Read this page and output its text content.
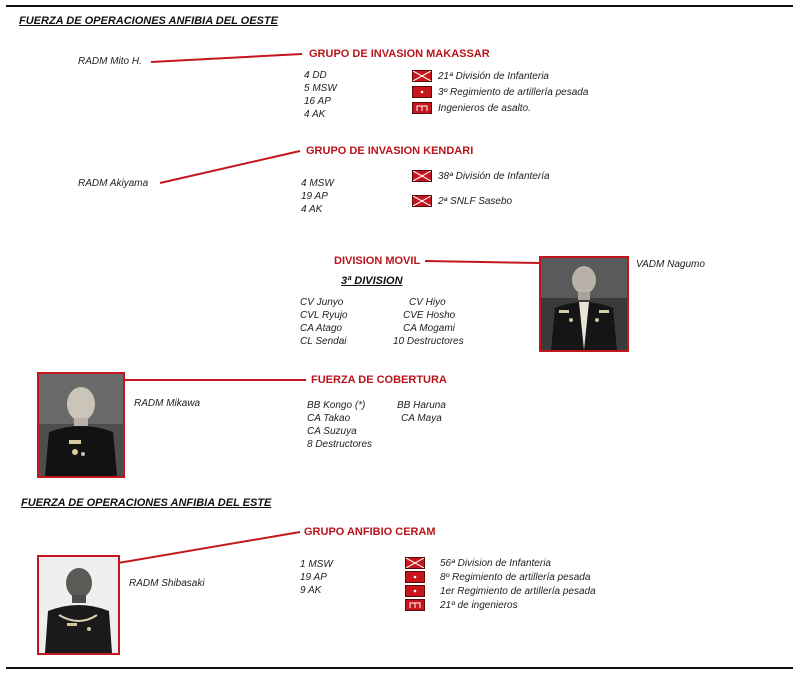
FUERZA DE OPERACIONES ANFIBIA DEL OESTE
RADM Mito H.
GRUPO DE INVASION MAKASSAR
4 DD
5 MSW
16 AP
4 AK
21ª División de Infanteria
3º Regimiento de artillería pesada
Ingenieros de asalto.
RADM Akiyama
GRUPO DE INVASION KENDARI
4 MSW
19 AP
4 AK
38ª División de Infantería
2ª SNLF Sasebo
DIVISION MOVIL
3ª DIVISION
CV Junyo
CVL Ryujo
CA Atago
CL Sendai
CV Hiyo
CVE Hosho
CA Mogami
10 Destructores
VADM Nagumo
RADM Mikawa
FUERZA DE COBERTURA
BB Kongo (*)
CA Takao
CA Suzuya
8 Destructores
BB Haruna
CA Maya
FUERZA DE OPERACIONES ANFIBIA DEL ESTE
RADM Shibasaki
GRUPO ANFIBIO CERAM
1 MSW
19 AP
9 AK
56ª Division de Infanteria
8º Regimiento de artillería pesada
1er Regimiento de artillería pesada
21º de ingenieros
